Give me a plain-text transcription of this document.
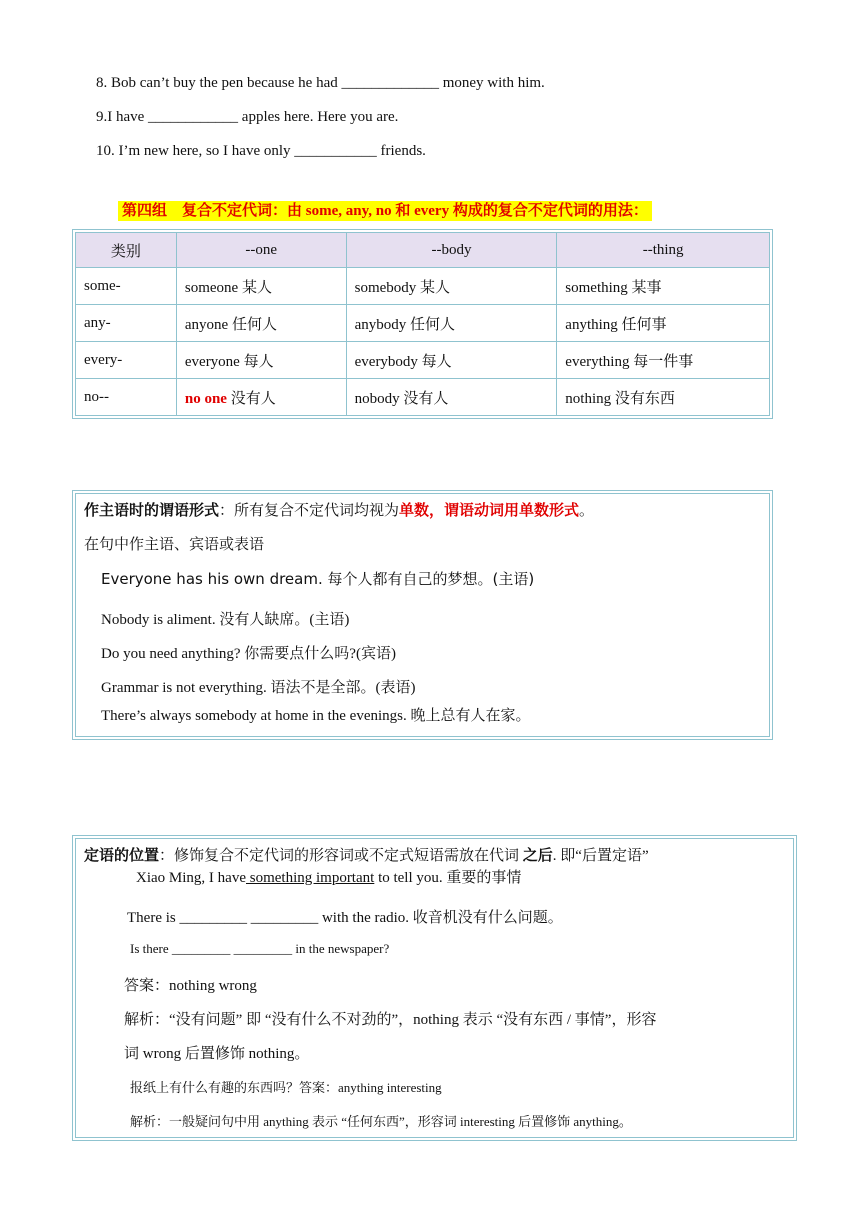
8. Bob can’t buy the pen because he had _____________ money with him.
9.I have ____________ apples here. Here you are.
10. I’m new here, so I have only ___________ friends.
第四组　复合不定代词：由 some, any, no 和 every 构成的复合不定代词的用法：
类别	--one	--body	--thing
some-	someone 某人	somebody 某人	something 某事
any-	anyone 任何人	anybody 任何人	anything 任何事
every-	everyone 每人	everybody 每人	everything 每一件事
no--	no one 没有人	nobody 没有人	nothing 没有东西
作主语时的谓语形式：所有复合不定代词均视为单数，谓语动词用单数形式。
在句中作主语、宾语或表语
Everyone has his own dream. 每个人都有自己的梦想。(主语)
Nobody is aliment. 没有人缺席。(主语)
Do you need anything? 你需要点什么吗?(宾语)
Grammar is not everything. 语法不是全部。(表语)
There’s always somebody at home in the evenings. 晚上总有人在家。
定语的位置：修饰复合不定代词的形容词或不定式短语需放在代词 之后. 即“后置定语”
Xiao Ming, I have something important to tell you. 重要的事情
There is _________ _________ with the radio. 收音机没有什么问题。
Is there _________ _________ in the newspaper?
答案：nothing wrong
解析：“没有问题” 即 “没有什么不对劲的”，nothing 表示 “没有东西 / 事情”，形容
词 wrong 后置修饰 nothing。
报纸上有什么有趣的东西吗？答案：anything interesting
解析：一般疑问句中用 anything 表示 “任何东西”，形容词 interesting 后置修饰 anything。
